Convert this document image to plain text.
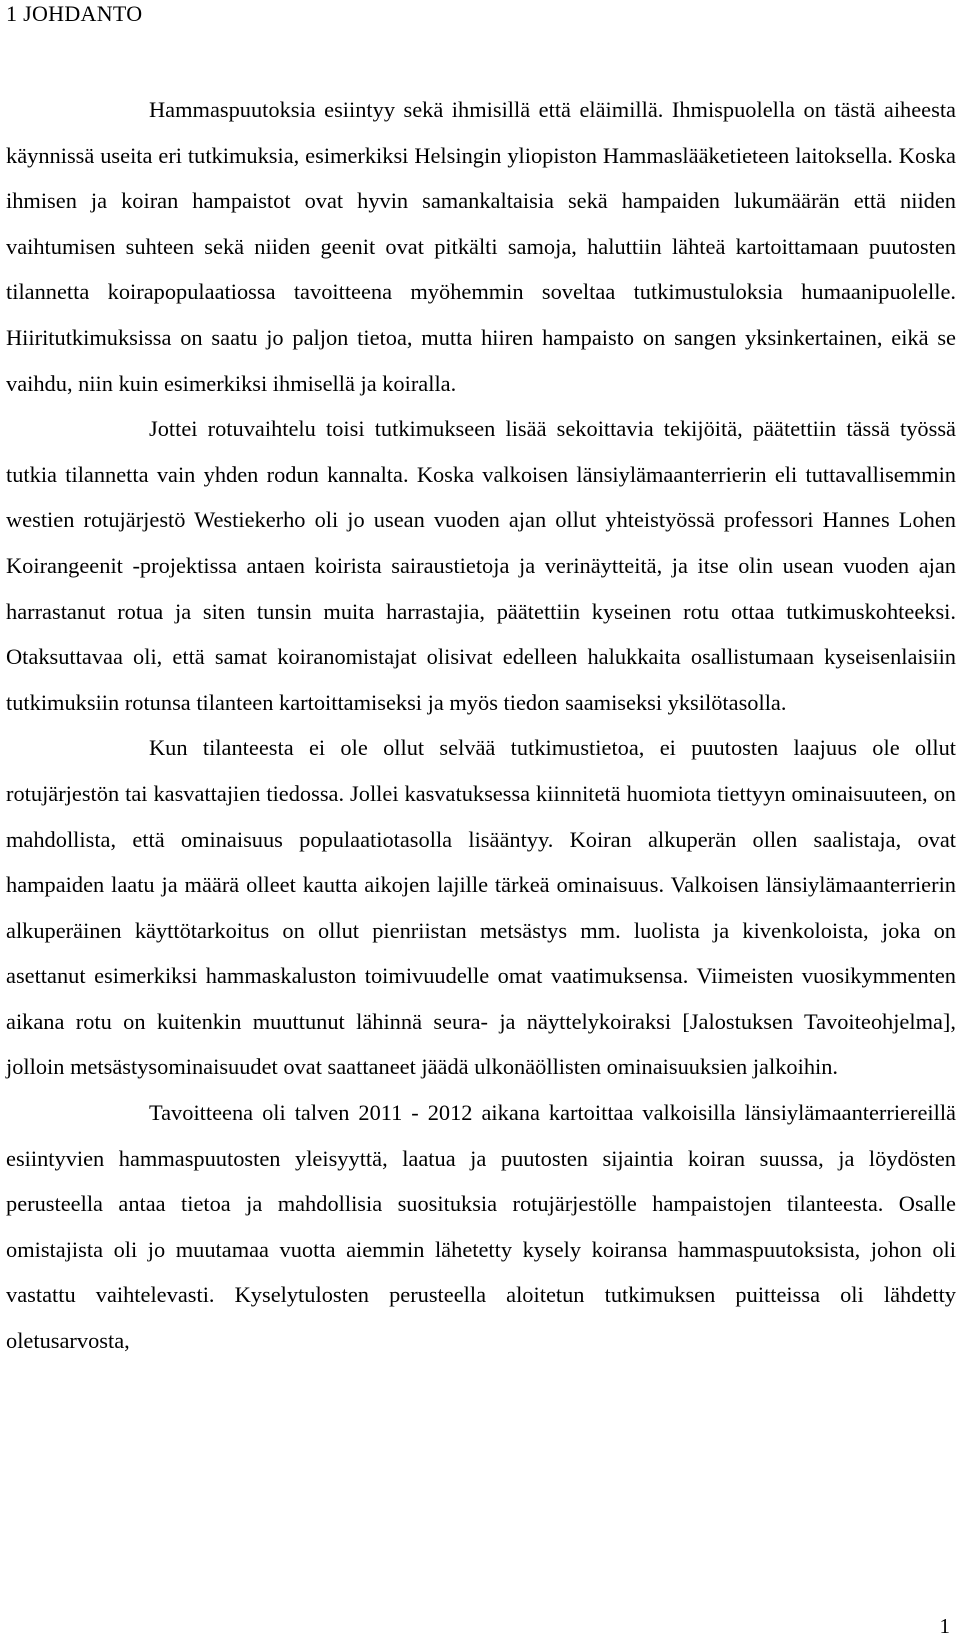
1 JOHDANTO

Hammaspuutoksia esiintyy sekä ihmisillä että eläimillä. Ihmispuolella on tästä aiheesta käynnissä useita eri tutkimuksia, esimerkiksi Helsingin yliopiston Hammaslääketieteen laitoksella. Koska ihmisen ja koiran hampaistot ovat hyvin samankaltaisia sekä hampaiden lukumäärän että niiden vaihtumisen suhteen sekä niiden geenit ovat pitkälti samoja, haluttiin lähteä kartoittamaan puutosten tilannetta koirapopulaatiossa tavoitteena myöhemmin soveltaa tutkimustuloksia humaanipuolelle. Hiiritutkimuksissa on saatu jo paljon tietoa, mutta hiiren hampaisto on sangen yksinkertainen, eikä se vaihdu, niin kuin esimerkiksi ihmisellä ja koiralla.

Jottei rotuvaihtelu toisi tutkimukseen lisää sekoittavia tekijöitä, päätettiin tässä työssä tutkia tilannetta vain yhden rodun kannalta. Koska valkoisen länsiylämaanterrierin eli tuttavallisemmin westien rotujärjestö Westiekerho oli jo usean vuoden ajan ollut yhteistyössä professori Hannes Lohen Koirangeenit -projektissa antaen koirista sairaustietoja ja verinäytteitä, ja itse olin usean vuoden ajan harrastanut rotua ja siten tunsin muita harrastajia, päätettiin kyseinen rotu ottaa tutkimuskohteeksi. Otaksuttavaa oli, että samat koiranomistajat olisivat edelleen halukkaita osallistumaan kyseisenlaisiin tutkimuksiin rotunsa tilanteen kartoittamiseksi ja myös tiedon saamiseksi yksilötasolla.

Kun tilanteesta ei ole ollut selvää tutkimustietoa, ei puutosten laajuus ole ollut rotujärjestön tai kasvattajien tiedossa. Jollei kasvatuksessa kiinnitetä huomiota tiettyyn ominaisuuteen, on mahdollista, että ominaisuus populaatiotasolla lisääntyy. Koiran alkuperän ollen saalistaja, ovat hampaiden laatu ja määrä olleet kautta aikojen lajille tärkeä ominaisuus. Valkoisen länsiylämaanterrierin alkuperäinen käyttötarkoitus on ollut pienriistan metsästys mm. luolista ja kivenkoloista, joka on asettanut esimerkiksi hammaskaluston toimivuudelle omat vaatimuksensa. Viimeisten vuosikymmenten aikana rotu on kuitenkin muuttunut lähinnä seura- ja näyttelykoiraksi [Jalostuksen Tavoiteohjelma], jolloin metsästysominaisuudet ovat saattaneet jäädä ulkonäöllisten ominaisuuksien jalkoihin.

Tavoitteena oli talven 2011 - 2012 aikana kartoittaa valkoisilla länsiylämaanterriereillä esiintyvien hammaspuutosten yleisyyttä, laatua ja puutosten sijaintia koiran suussa, ja löydösten perusteella antaa tietoa ja mahdollisia suosituksia rotujärjestölle hampaistojen tilanteesta. Osalle omistajista oli jo muutamaa vuotta aiemmin lähetetty kysely koiransa hammaspuutoksista, johon oli vastattu vaihtelevasti. Kyselytulosten perusteella aloitetun tutkimuksen puitteissa oli lähdetty oletusarvosta,

1
